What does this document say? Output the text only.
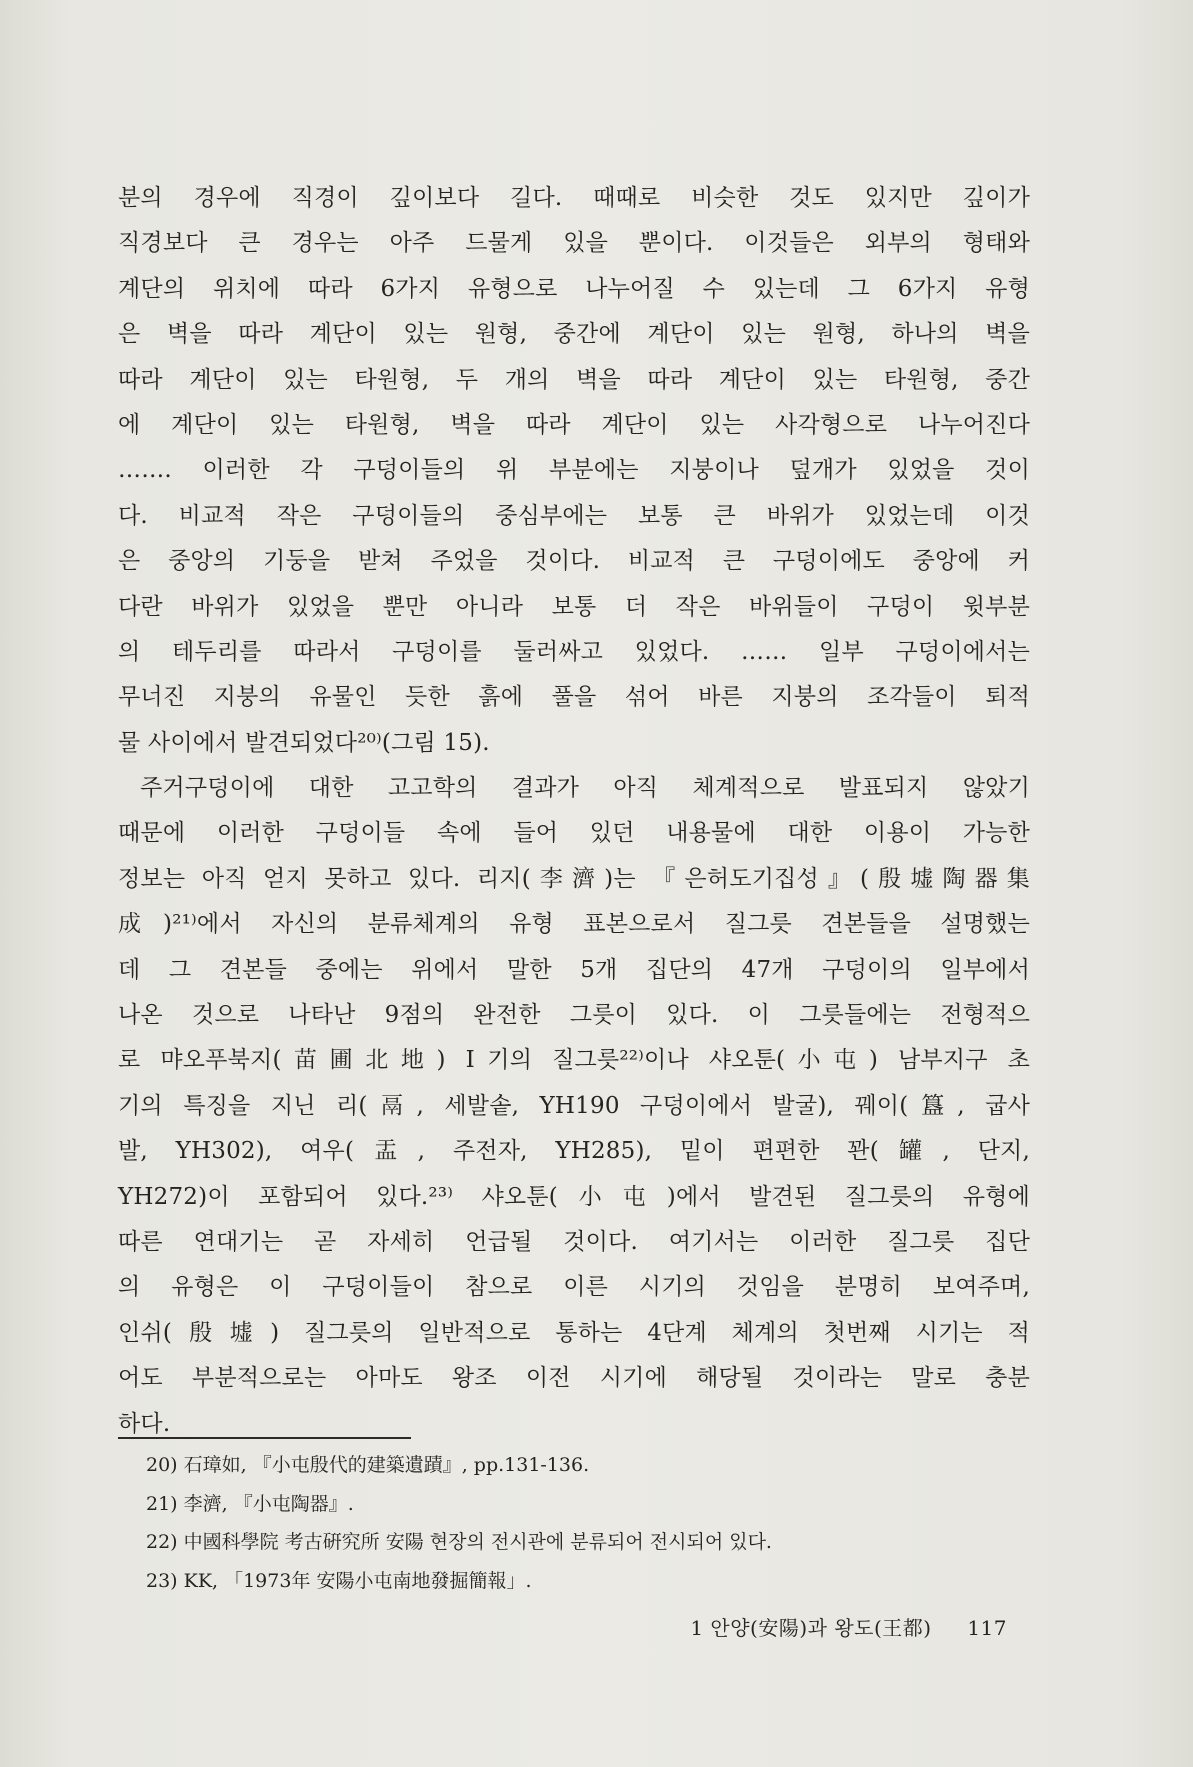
분의 경우에 직경이 깊이보다 길다. 때때로 비슷한 것도 있지만 깊이가
직경보다 큰 경우는 아주 드물게 있을 뿐이다. 이것들은 외부의 형태와
계단의 위치에 따라 6가지 유형으로 나누어질 수 있는데 그 6가지 유형
은 벽을 따라 계단이 있는 원형, 중간에 계단이 있는 원형, 하나의 벽을
따라 계단이 있는 타원형, 두 개의 벽을 따라 계단이 있는 타원형, 중간
에 계단이 있는 타원형, 벽을 따라 계단이 있는 사각형으로 나누어진다
……. 이러한 각 구덩이들의 위 부분에는 지붕이나 덮개가 있었을 것이
다. 비교적 작은 구덩이들의 중심부에는 보통 큰 바위가 있었는데 이것
은 중앙의 기둥을 받쳐 주었을 것이다. 비교적 큰 구덩이에도 중앙에 커
다란 바위가 있었을 뿐만 아니라 보통 더 작은 바위들이 구덩이 윗부분
의 테두리를 따라서 구덩이를 둘러싸고 있었다. …… 일부 구덩이에서는
무너진 지붕의 유물인 듯한 흙에 풀을 섞어 바른 지붕의 조각들이 퇴적
물 사이에서 발견되었다²⁰⁾(그림 15).
주거구덩이에 대한 고고학의 결과가 아직 체계적으로 발표되지 않았기
때문에 이러한 구덩이들 속에 들어 있던 내용물에 대한 이용이 가능한
정보는 아직 얻지 못하고 있다. 리지(李濟)는 『은허도기집성』(殷墟陶器集
成)²¹⁾에서 자신의 분류체계의 유형 표본으로서 질그릇 견본들을 설명했는
데 그 견본들 중에는 위에서 말한 5개 집단의 47개 구덩이의 일부에서
나온 것으로 나타난 9점의 완전한 그릇이 있다. 이 그릇들에는 전형적으
로 먀오푸북지(苗圃北地) Ⅰ기의 질그릇²²⁾이나 샤오툰(小屯) 남부지구 초
기의 특징을 지닌 리(鬲, 세발솥, YH190 구덩이에서 발굴), 꿰이(簋, 굽사
발, YH302), 여우(盂, 주전자, YH285), 밑이 편편한 꽌(罐, 단지,
YH272)이 포함되어 있다.²³⁾ 샤오툰(小屯)에서 발견된 질그릇의 유형에
따른 연대기는 곧 자세히 언급될 것이다. 여기서는 이러한 질그릇 집단
의 유형은 이 구덩이들이 참으로 이른 시기의 것임을 분명히 보여주며,
인쉬(殷墟) 질그릇의 일반적으로 통하는 4단계 체계의 첫번째 시기는 적
어도 부분적으로는 아마도 왕조 이전 시기에 해당될 것이라는 말로 충분
하다.
20) 石璋如, 『小屯殷代的建築遺蹟』, pp.131-136.
21) 李濟, 『小屯陶器』.
22) 中國科學院 考古硏究所 安陽 현장의 전시관에 분류되어 전시되어 있다.
23) KK, 「1973年 安陽小屯南地發掘簡報」.
1 안양(安陽)과 왕도(王都) 117
